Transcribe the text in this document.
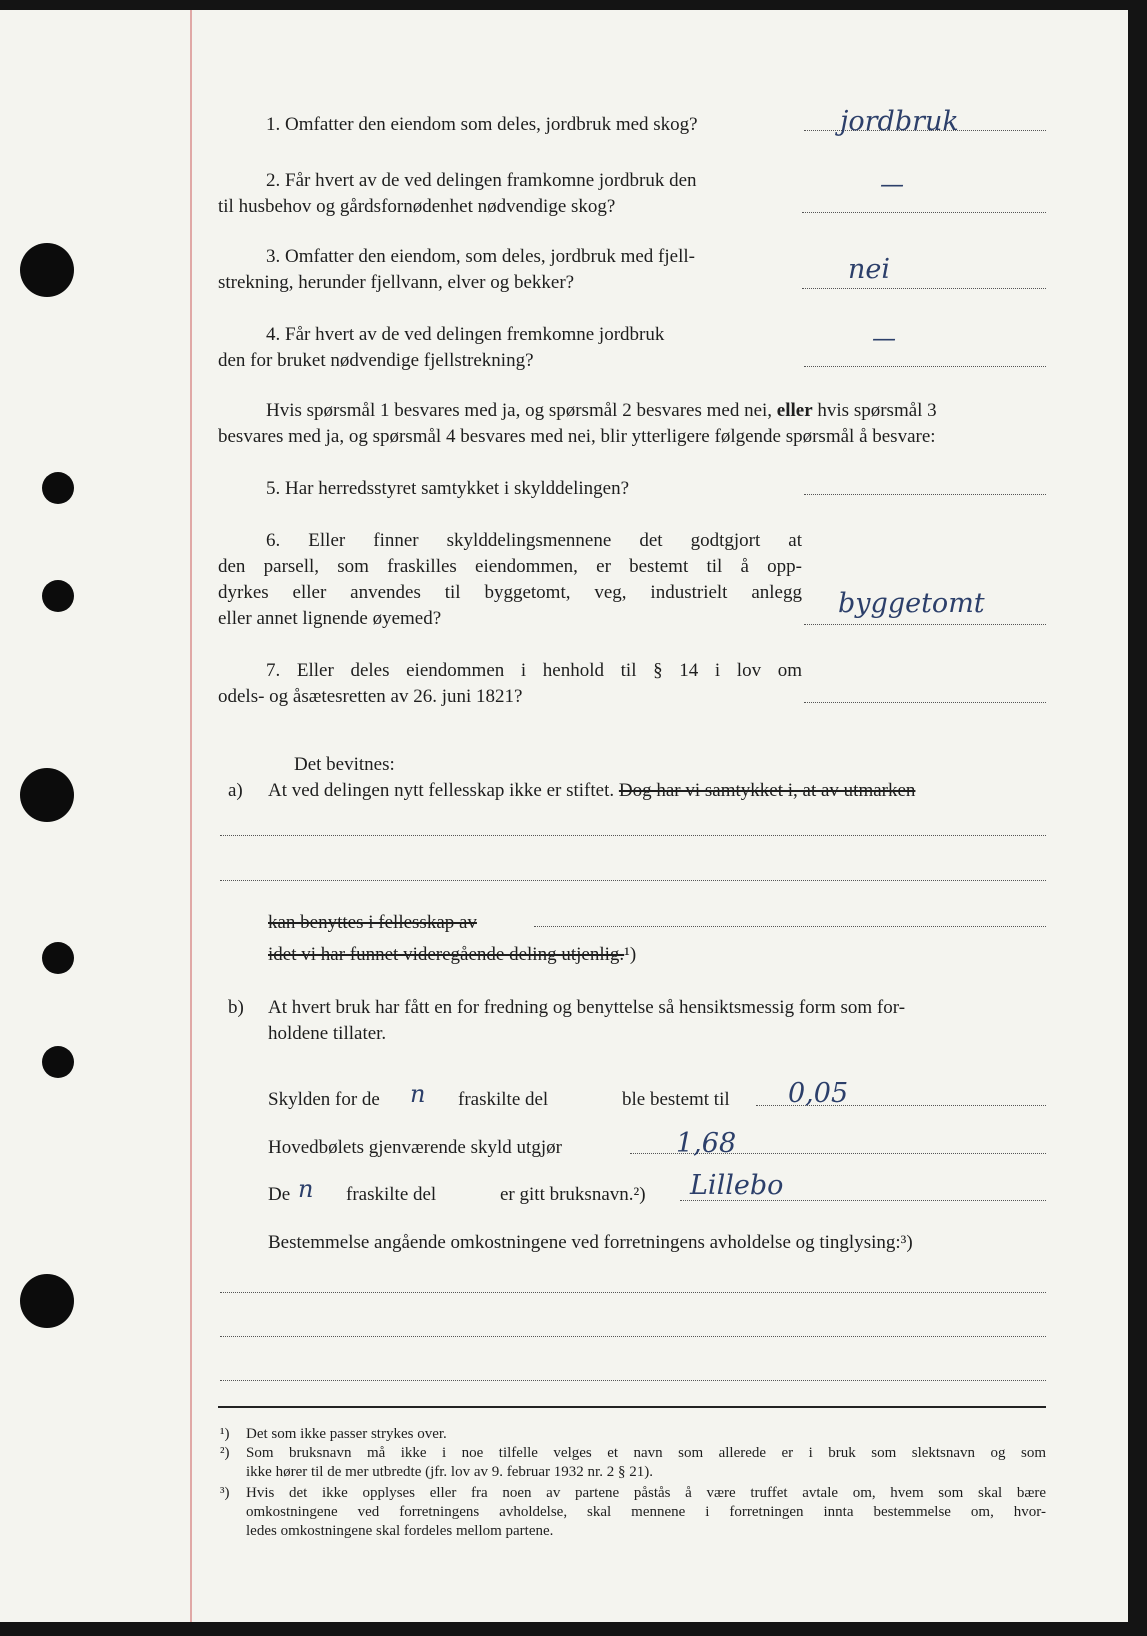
1. Omfatter den eiendom som deles, jordbruk med skog?	jordbruk
2. Får hvert av de ved delingen framkomne jordbruk den
til husbehov og gårdsfornødenhet nødvendige skog?
—
3. Omfatter den eiendom, som deles, jordbruk med fjell-
strekning, herunder fjellvann, elver og bekker?	nei
4. Får hvert av de ved delingen fremkomne jordbruk
den for bruket nødvendige fjellstrekning?
—
Hvis spørsmål 1 besvares med ja, og spørsmål 2 besvares med nei, eller hvis spørsmål 3
besvares med ja, og spørsmål 4 besvares med nei, blir ytterligere følgende spørsmål å besvare:
5. Har herredsstyret samtykket i skylddelingen?
6. Eller finner skylddelingsmennene det godtgjort at
den parsell, som fraskilles eiendommen, er bestemt til å opp-
dyrkes eller anvendes til byggetomt, veg, industrielt anlegg
eller annet lignende øyemed?	byggetomt
7. Eller deles eiendommen i henhold til § 14 i lov om
odels- og åsætesretten av 26. juni 1821?
Det bevitnes:
a) At ved delingen nytt fellesskap ikke er stiftet. Dog har vi samtykket i, at av utmarken
kan benyttes i fellesskap av
idet vi har funnet videregående deling utjenlig.¹)
b) At hvert bruk har fått en for fredning og benyttelse så hensiktsmessig form som for-
holdene tillater.
Skylden for de n fraskilte del	ble bestemt til 0,05
Hovedbølets gjenværende skyld utgjør	1,68
De n fraskilte del	er gitt bruksnavn.²) Lillebo
Bestemmelse angående omkostningene ved forretningens avholdelse og tinglysing:³)
¹) Det som ikke passer strykes over.
²) Som bruksnavn må ikke i noe tilfelle velges et navn som allerede er i bruk som slektsnavn og som
ikke hører til de mer utbredte (jfr. lov av 9. februar 1932 nr. 2 § 21).
³) Hvis det ikke opplyses eller fra noen av partene påstås å være truffet avtale om, hvem som skal bære
omkostningene ved forretningens avholdelse, skal mennene i forretningen innta bestemmelse om, hvor-
ledes omkostningene skal fordeles mellom partene.
